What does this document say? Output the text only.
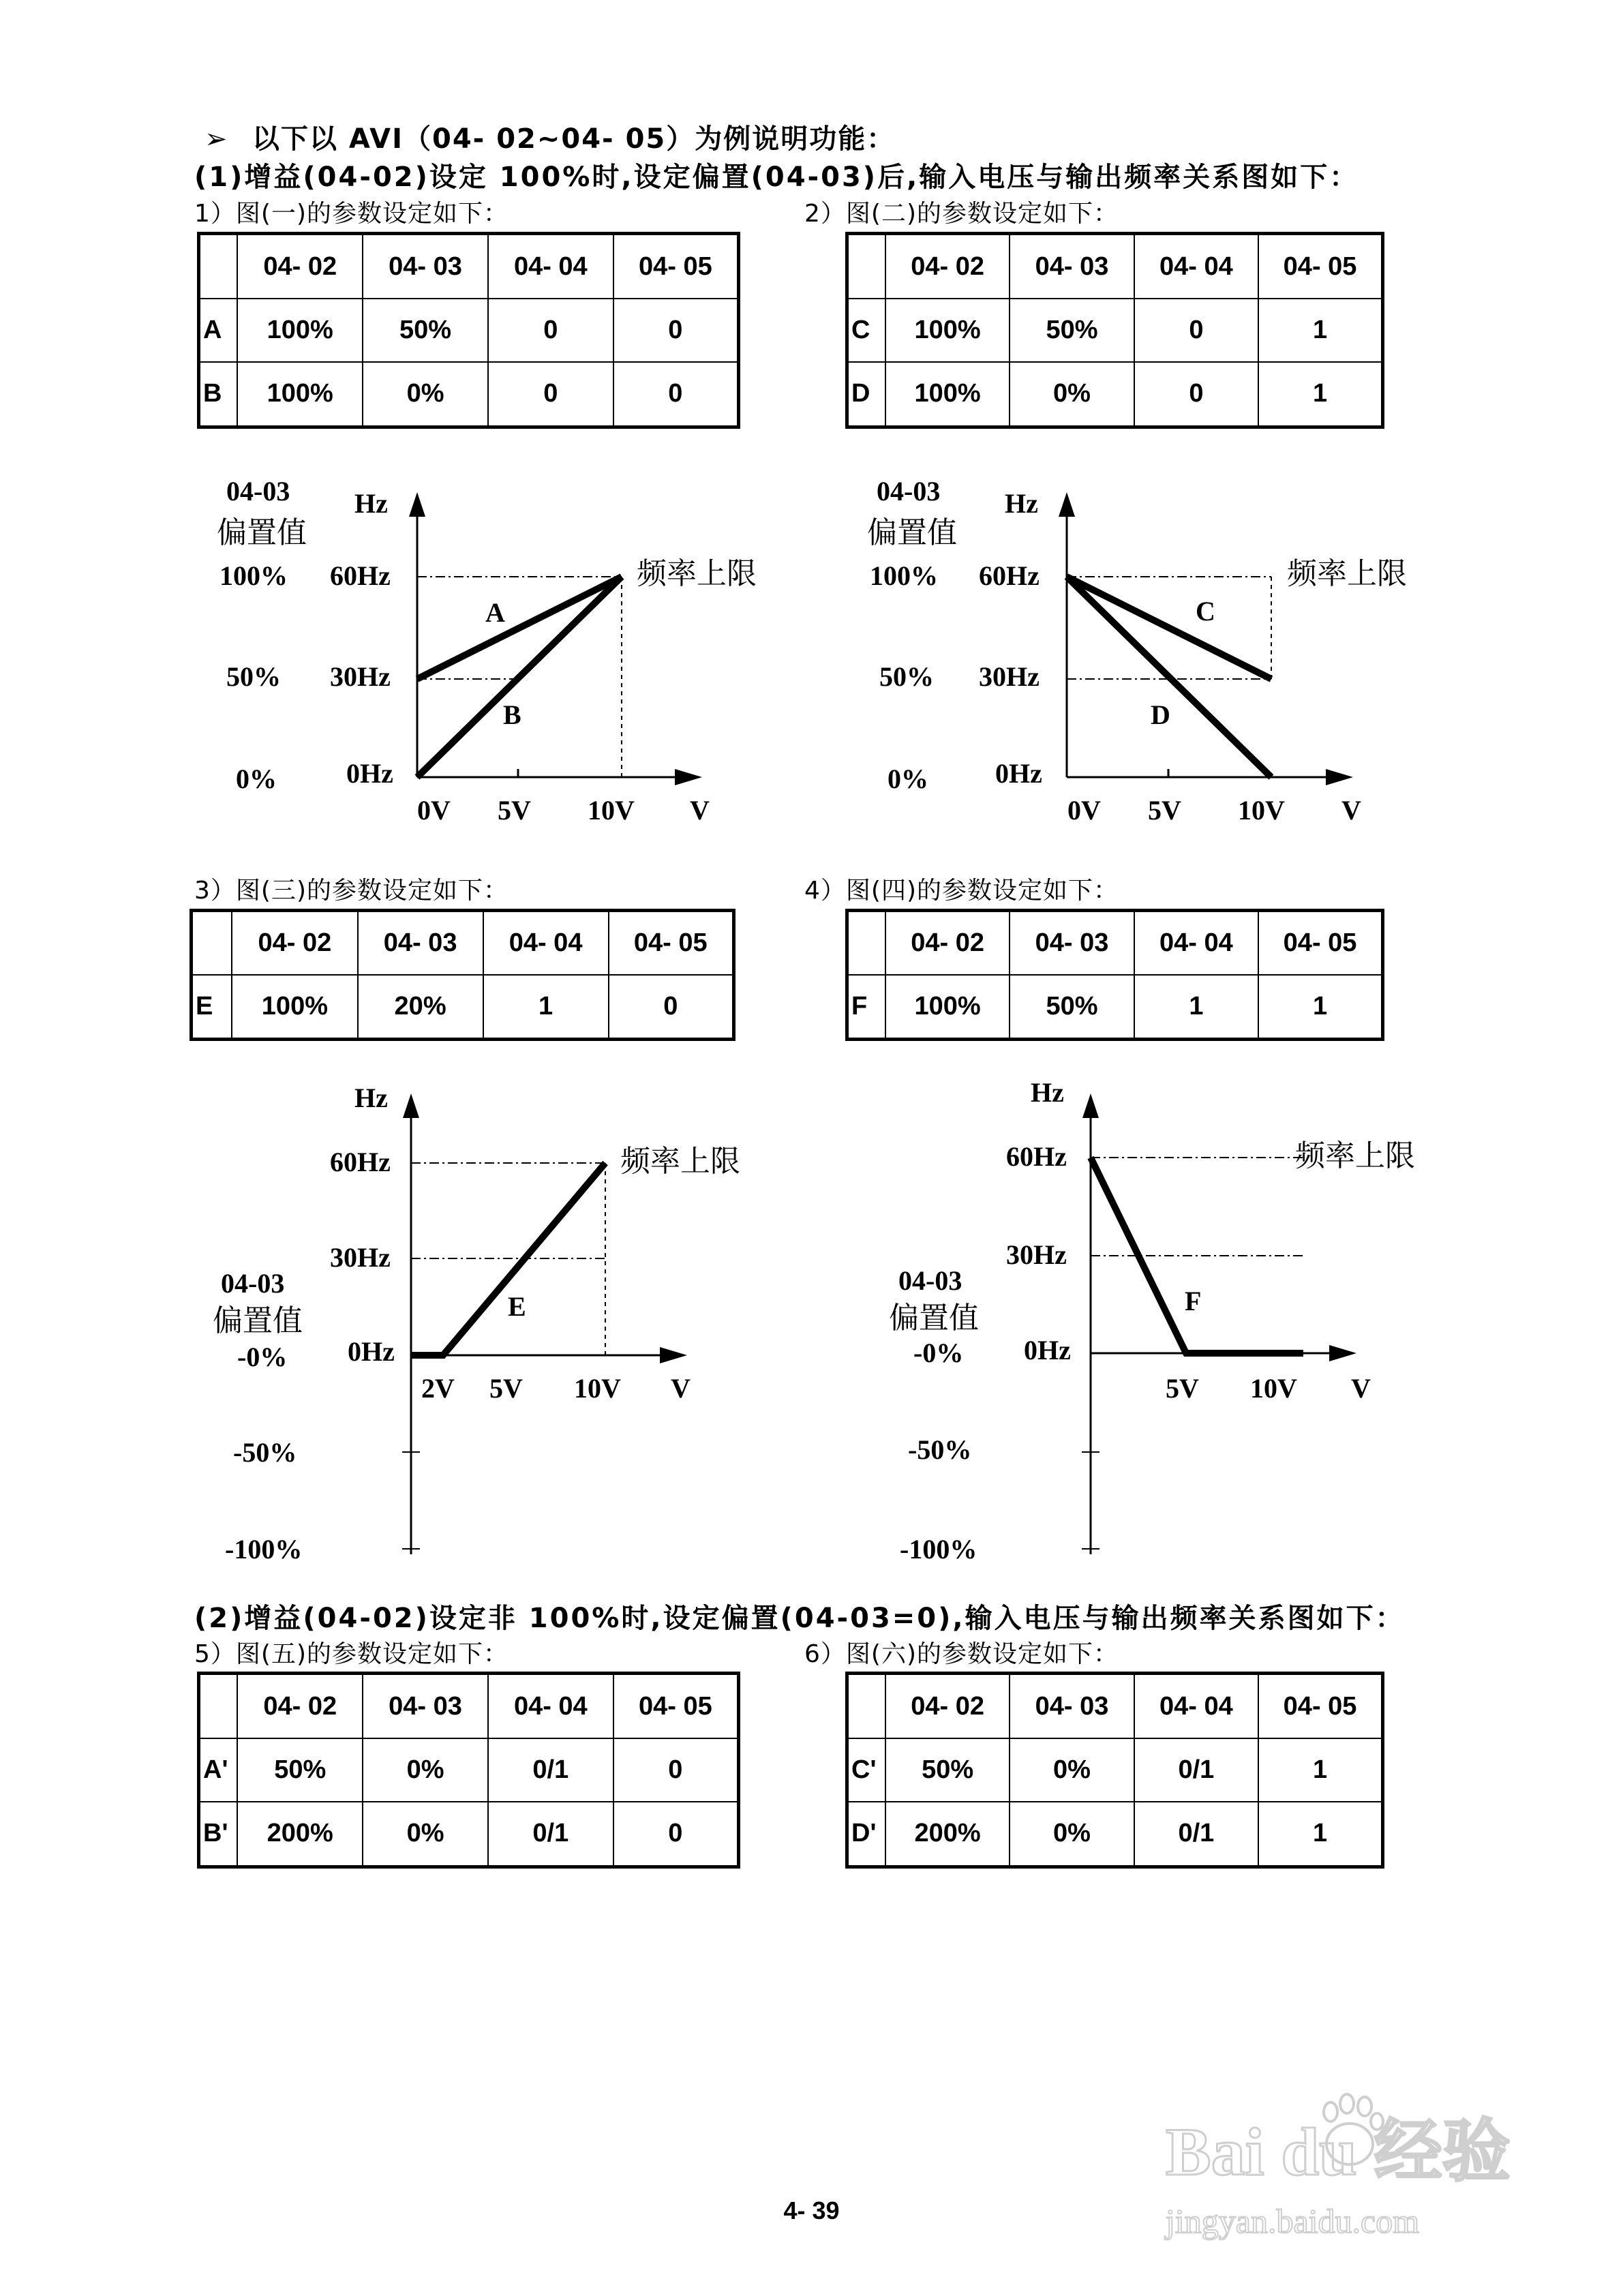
➢ 以下以 AVI（04- 02~04- 05）为例说明功能：
(1)增益(04-02)设定 100%时,设定偏置(04-03)后,输入电压与输出频率关系图如下：
1）图(一)的参数设定如下：	2）图(二)的参数设定如下：
	04- 02	04- 03	04- 04	04- 05
A	100%	50%	0	0
B	100%	0%	0	0
	04- 02	04- 03	04- 04	04- 05
C	100%	50%	0	1
D	100%	0%	0	1
04-03
偏置值
100%
50%
0%
Hz
60Hz
30Hz
0Hz
0V 5V 10V V
频率上限
A
B
04-03
偏置值
100%
50%
0%
Hz
60Hz
30Hz
0Hz
0V 5V 10V V
频率上限
C
D
3）图(三)的参数设定如下：	4）图(四)的参数设定如下：
	04- 02	04- 03	04- 04	04- 05
E	100%	20%	1	0
	04- 02	04- 03	04- 04	04- 05
F	100%	50%	1	1
Hz
60Hz
30Hz
0Hz
04-03
偏置值
-0%
-50%
-100%
2V 5V 10V V
频率上限
E
Hz
60Hz
30Hz
0Hz
04-03
偏置值
-0%
-50%
-100%
5V 10V V
频率上限
F
(2)增益(04-02)设定非 100%时,设定偏置(04-03=0),输入电压与输出频率关系图如下：
5）图(五)的参数设定如下：	6）图(六)的参数设定如下：
	04- 02	04- 03	04- 04	04- 05
A'	50%	0%	0/1	0
B'	200%	0%	0/1	0
	04- 02	04- 03	04- 04	04- 05
C'	50%	0%	0/1	1
D'	200%	0%	0/1	1
Bai du 经验
jingyan.baidu.com
4- 39
